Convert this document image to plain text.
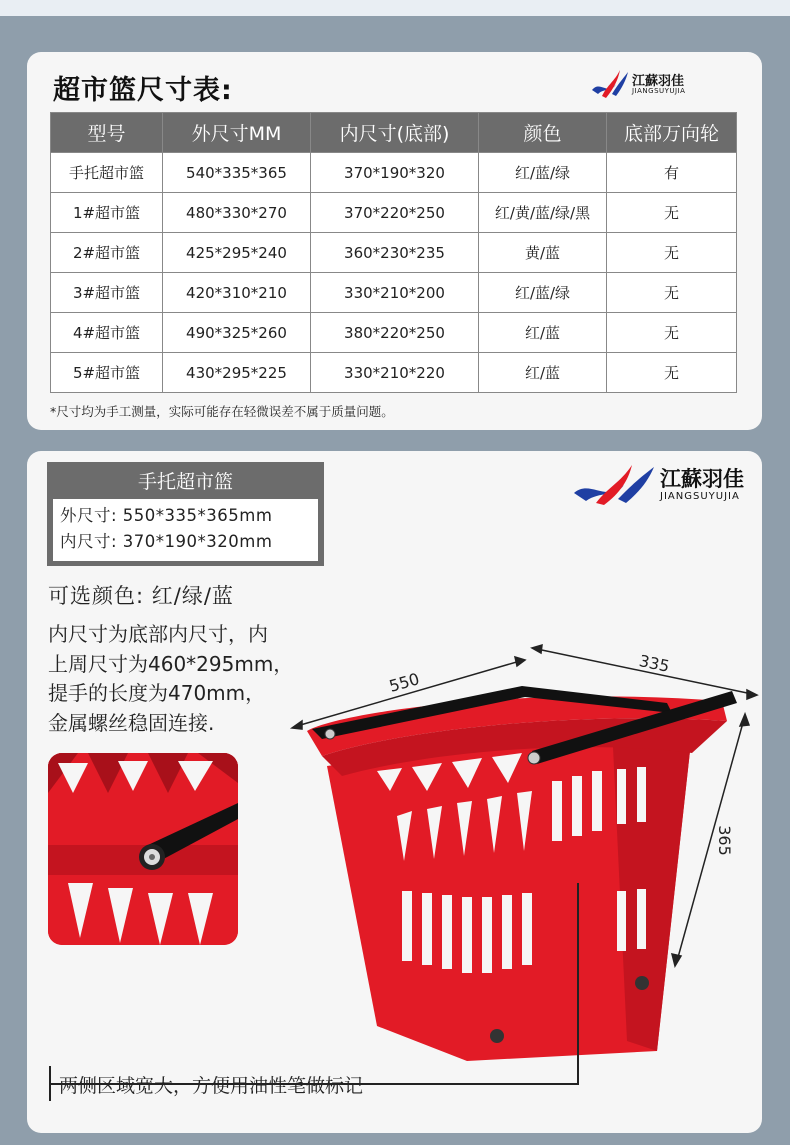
超市篮尺寸表:	江蘇羽佳
JIANGSUYUJIA
型号	外尺寸MM	内尺寸(底部)	颜色	底部万向轮
手托超市篮	540*335*365	370*190*320	红/蓝/绿	有
1#超市篮	480*330*270	370*220*250	红/黄/蓝/绿/黑	无
2#超市篮	425*295*240	360*230*235	黄/蓝	无
3#超市篮	420*310*210	330*210*200	红/蓝/绿	无
4#超市篮	490*325*260	380*220*250	红/蓝	无
5#超市篮	430*295*225	330*210*220	红/蓝	无
*尺寸均为手工测量，实际可能存在轻微误差不属于质量问题。
手托超市篮
外尺寸: 550*335*365mm
内尺寸: 370*190*320mm
江蘇羽佳
JIANGSUYUJIA
可选颜色: 红/绿/蓝
内尺寸为底部内尺寸，内
上周尺寸为460*295mm，
提手的长度为470mm，
金属螺丝稳固连接.
550
335
365
两侧区域宽大，方便用油性笔做标记
